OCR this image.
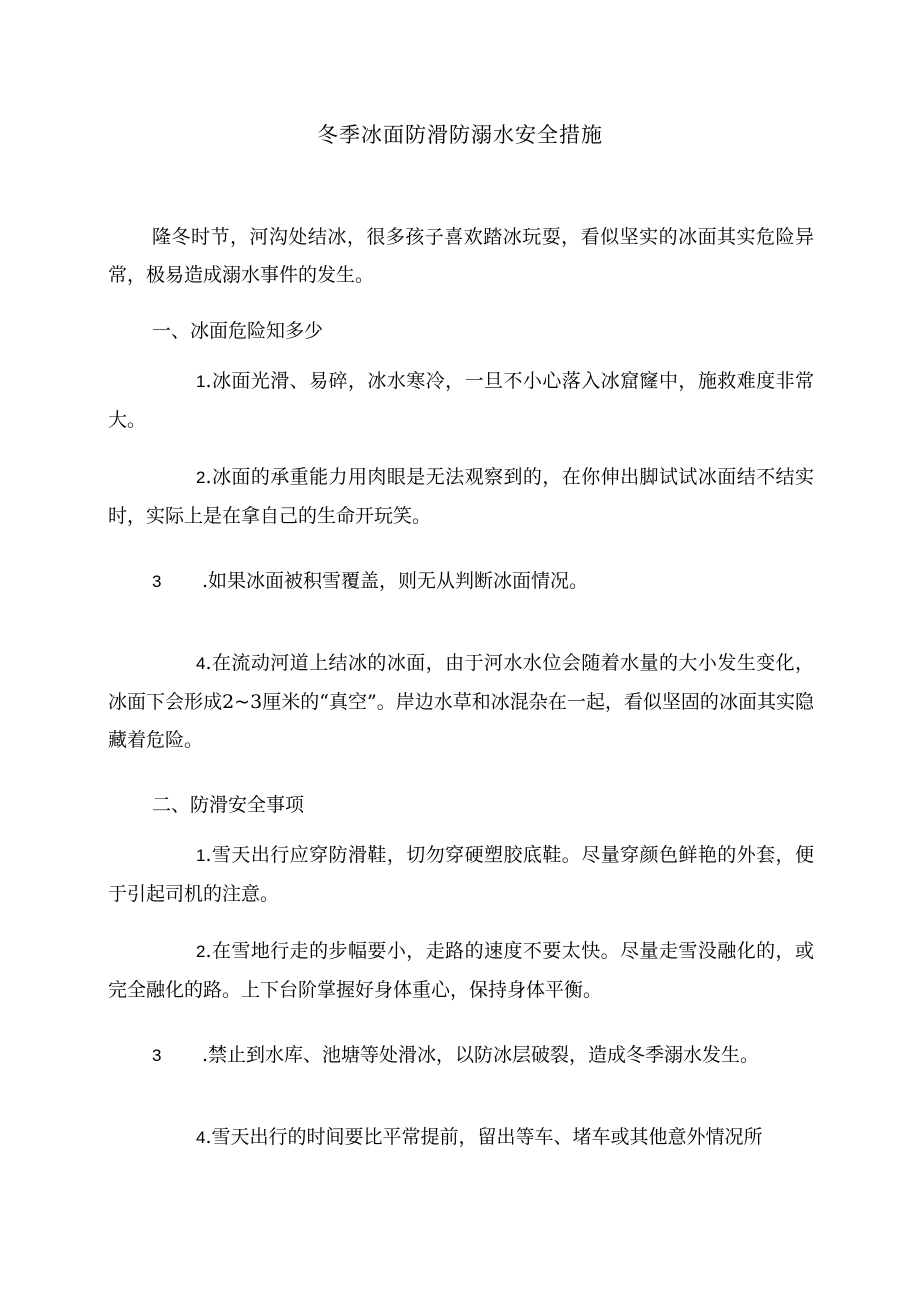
冬季冰面防滑防溺水安全措施
隆冬时节，河沟处结冰，很多孩子喜欢踏冰玩耍，看似坚实的冰面其实危险异常，极易造成溺水事件的发生。
一、冰面危险知多少
1.冰面光滑、易碎，冰水寒冷，一旦不小心落入冰窟窿中，施救难度非常大。
2.冰面的承重能力用肉眼是无法观察到的，在你伸出脚试试冰面结不结实时，实际上是在拿自己的生命开玩笑。
3 .如果冰面被积雪覆盖，则无从判断冰面情况。
4.在流动河道上结冰的冰面，由于河水水位会随着水量的大小发生变化，冰面下会形成2~3厘米的“真空”。岸边水草和冰混杂在一起，看似坚固的冰面其实隐藏着危险。
二、防滑安全事项
1.雪天出行应穿防滑鞋，切勿穿硬塑胶底鞋。尽量穿颜色鲜艳的外套，便于引起司机的注意。
2.在雪地行走的步幅要小，走路的速度不要太快。尽量走雪没融化的，或完全融化的路。上下台阶掌握好身体重心，保持身体平衡。
3 .禁止到水库、池塘等处滑冰，以防冰层破裂，造成冬季溺水发生。
4.雪天出行的时间要比平常提前，留出等车、堵车或其他意外情况所
